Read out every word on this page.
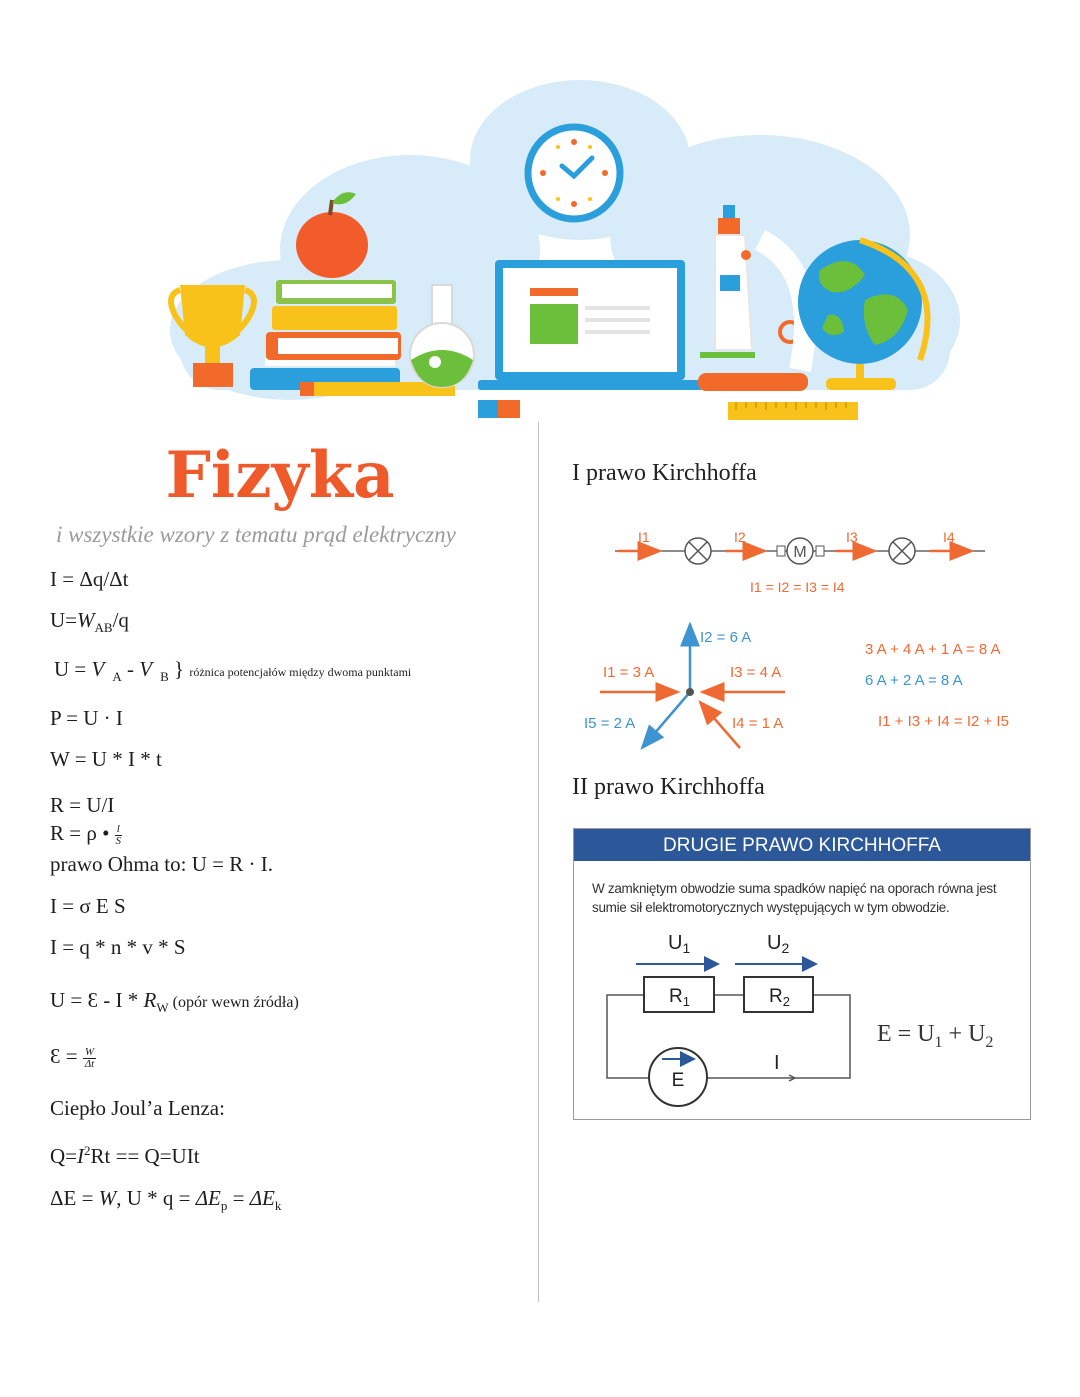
Fizyka
i wszystkie wzory z tematu prąd elektryczny
I = Δq/Δt
$U=W_{AB}/q$
U = V $_A$ - V $_B$ } różnica potencjałów między dwoma punktami
P = U · I
W = U * I * t
R = U/I
R = ρ • $\frac{l}{S}$
prawo Ohma to: U = R · I.
I = σ E S
I = q * n * v * S
U = Ɛ - I * $R_W$ (opór wewn źródła)
Ɛ = $\frac{W}{\Delta t}$
Ciepło Joul’a Lenza:
$Q=I^2Rt == Q=UIt$
ΔE = W, $U * q = \Delta E_p = \Delta E_k$
I prawo Kirchhoffa
M
I1	I2	I3	I4
I1 = I2 = I3 = I4
I2 = 6 A
I1 = 3 A	I3 = 4 A
I5 = 2 A	I4 = 1 A
3 A + 4 A + 1 A = 8 A
6 A + 2 A = 8 A
I1 + I3 + I4 = I2 + I5
II prawo Kirchhoffa
DRUGIE PRAWO KIRCHHOFFA
W zamkniętym obwodzie suma spadków napięć na oporach równa jest sumie sił elektromotorycznych występujących w tym obwodzie.
$U_1$	$U_2$
$R_1$	$R_2$
E
I
$E = U_1 + U_2$
